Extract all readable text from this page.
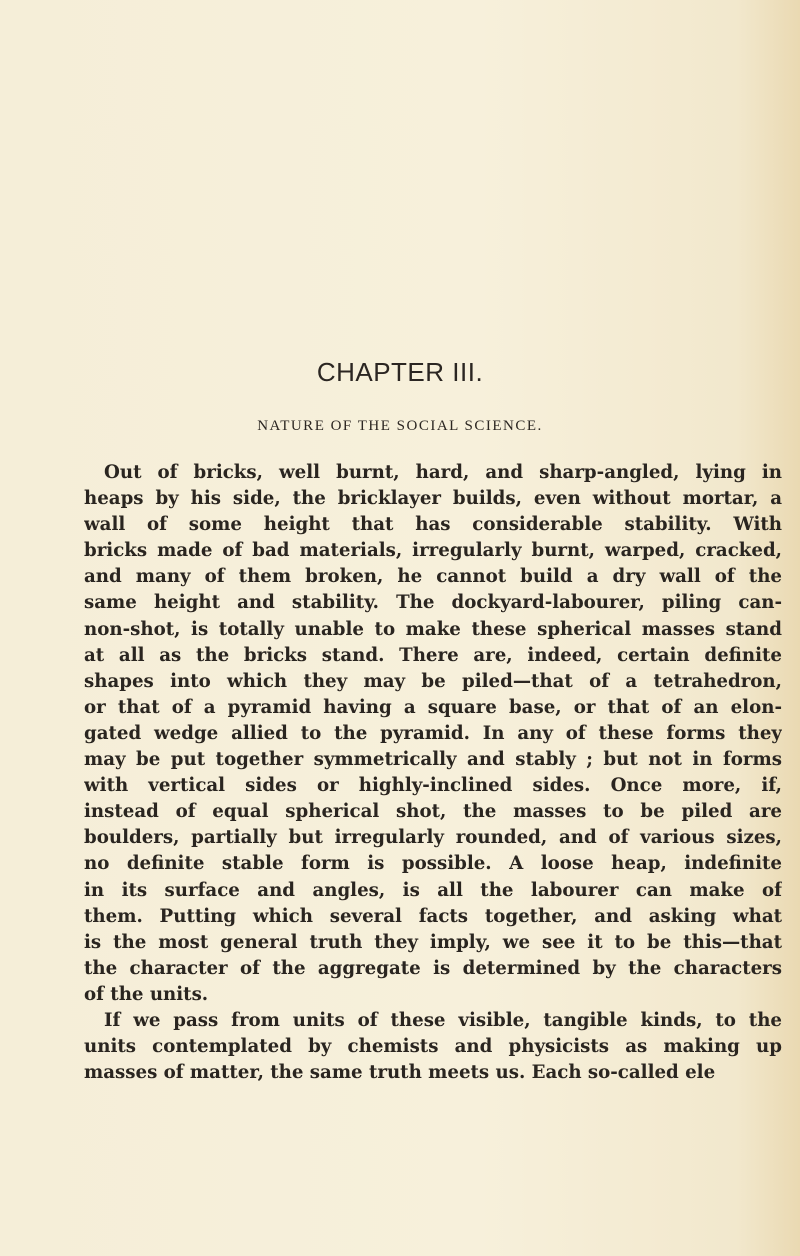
CHAPTER III.
NATURE OF THE SOCIAL SCIENCE.
Out of bricks, well burnt, hard, and sharp-angled, lying in
heaps by his side, the bricklayer builds, even without mortar, a
wall of some height that has considerable stability. With
bricks made of bad materials, irregularly burnt, warped, cracked,
and many of them broken, he cannot build a dry wall of the
same height and stability. The dockyard-labourer, piling can-
non-shot, is totally unable to make these spherical masses stand
at all as the bricks stand. There are, indeed, certain definite
shapes into which they may be piled—that of a tetrahedron,
or that of a pyramid having a square base, or that of an elon-
gated wedge allied to the pyramid. In any of these forms they
may be put together symmetrically and stably ; but not in forms
with vertical sides or highly-inclined sides. Once more, if,
instead of equal spherical shot, the masses to be piled are
boulders, partially but irregularly rounded, and of various sizes,
no definite stable form is possible. A loose heap, indefinite
in its surface and angles, is all the labourer can make of
them. Putting which several facts together, and asking what
is the most general truth they imply, we see it to be this—that
the character of the aggregate is determined by the characters
of the units.
If we pass from units of these visible, tangible kinds, to the
units contemplated by chemists and physicists as making up
masses of matter, the same truth meets us. Each so-called ele
